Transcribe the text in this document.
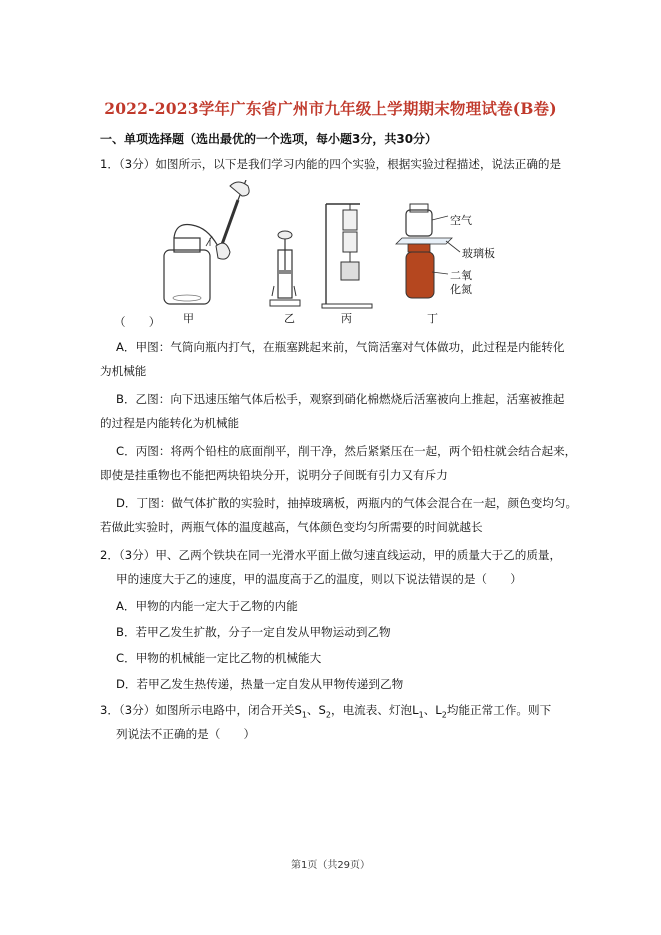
2022-2023学年广东省广州市九年级上学期期末物理试卷(B卷)
一、单项选择题（选出最优的一个选项，每小题3分，共30分）
1．（3分）如图所示，以下是我们学习内能的四个实验，根据实验过程描述，说法正确的是
空气
玻璃板
二氧
化氮
甲	乙	丙	丁
（　　）
A．甲图：气筒向瓶内打气，在瓶塞跳起来前，气筒活塞对气体做功，此过程是内能转化
为机械能
B．乙图：向下迅速压缩气体后松手，观察到硝化棉燃烧后活塞被向上推起，活塞被推起
的过程是内能转化为机械能
C．丙图：将两个铅柱的底面削平，削干净，然后紧紧压在一起，两个铅柱就会结合起来，
即使是挂重物也不能把两块铅块分开，说明分子间既有引力又有斥力
D．丁图：做气体扩散的实验时，抽掉玻璃板，两瓶内的气体会混合在一起，颜色变均匀。
若做此实验时，两瓶气体的温度越高，气体颜色变均匀所需要的时间就越长
2．（3分）甲、乙两个铁块在同一光滑水平面上做匀速直线运动，甲的质量大于乙的质量，
甲的速度大于乙的速度，甲的温度高于乙的温度，则以下说法错误的是（　　）
A．甲物的内能一定大于乙物的内能
B．若甲乙发生扩散，分子一定自发从甲物运动到乙物
C．甲物的机械能一定比乙物的机械能大
D．若甲乙发生热传递，热量一定自发从甲物传递到乙物
3．（3分）如图所示电路中，闭合开关$S_1$、$S_2$，电流表、灯泡$L_1$、$L_2$均能正常工作。则下
列说法不正确的是（　　）
第1页（共29页）
